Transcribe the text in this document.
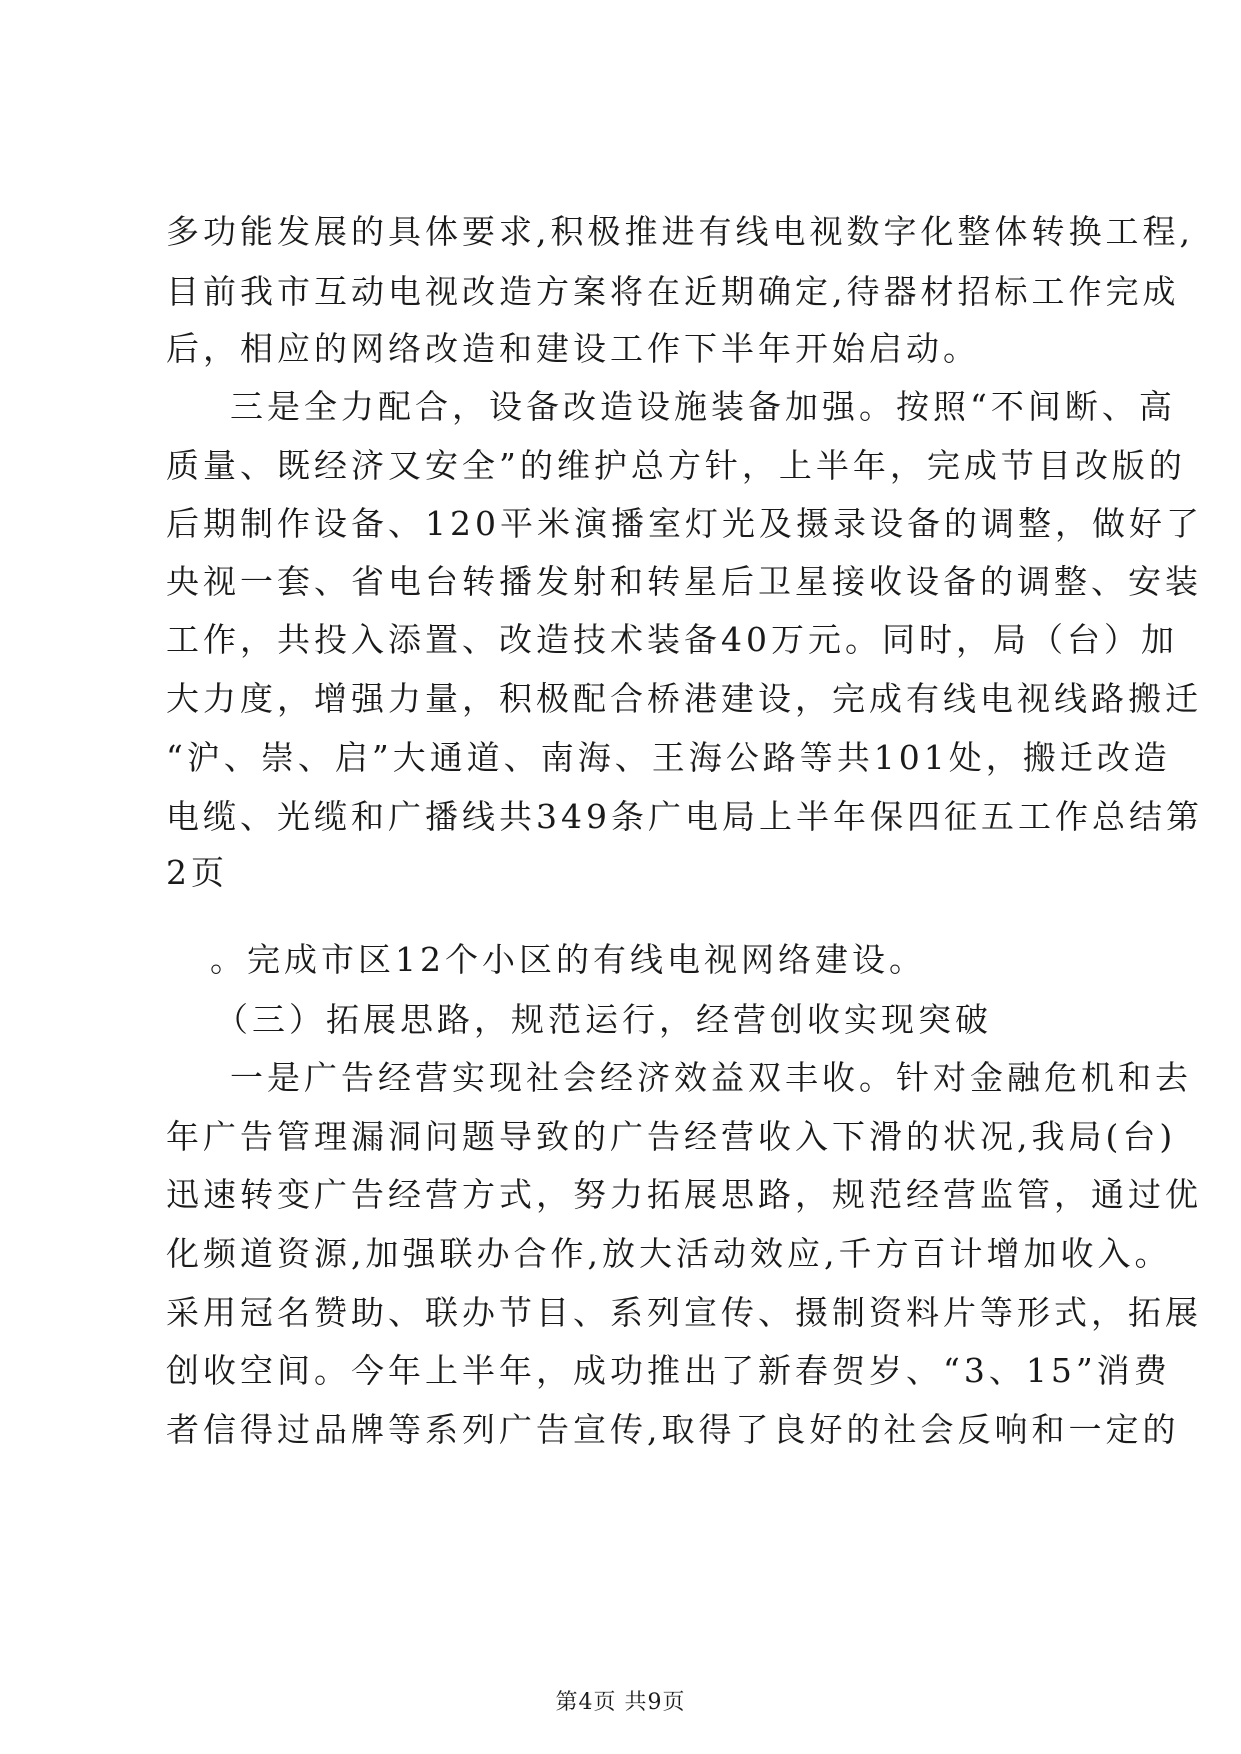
多功能发展的具体要求,积极推进有线电视数字化整体转换工程,
目前我市互动电视改造方案将在近期确定,待器材招标工作完成
后，相应的网络改造和建设工作下半年开始启动。
三是全力配合，设备改造设施装备加强。按照“不间断、高
质量、既经济又安全”的维护总方针，上半年，完成节目改版的
后期制作设备、120平米演播室灯光及摄录设备的调整，做好了
央视一套、省电台转播发射和转星后卫星接收设备的调整、安装
工作，共投入添置、改造技术装备40万元。同时，局（台）加
大力度，增强力量，积极配合桥港建设，完成有线电视线路搬迁
“沪、崇、启”大通道、南海、王海公路等共101处，搬迁改造
电缆、光缆和广播线共349条广电局上半年保四征五工作总结第
2页
。完成市区12个小区的有线电视网络建设。
（三）拓展思路，规范运行，经营创收实现突破
一是广告经营实现社会经济效益双丰收。针对金融危机和去
年广告管理漏洞问题导致的广告经营收入下滑的状况,我局(台)
迅速转变广告经营方式，努力拓展思路，规范经营监管，通过优
化频道资源,加强联办合作,放大活动效应,千方百计增加收入。
采用冠名赞助、联办节目、系列宣传、摄制资料片等形式，拓展
创收空间。今年上半年，成功推出了新春贺岁、“3、15”消费
者信得过品牌等系列广告宣传,取得了良好的社会反响和一定的
第4页 共9页
